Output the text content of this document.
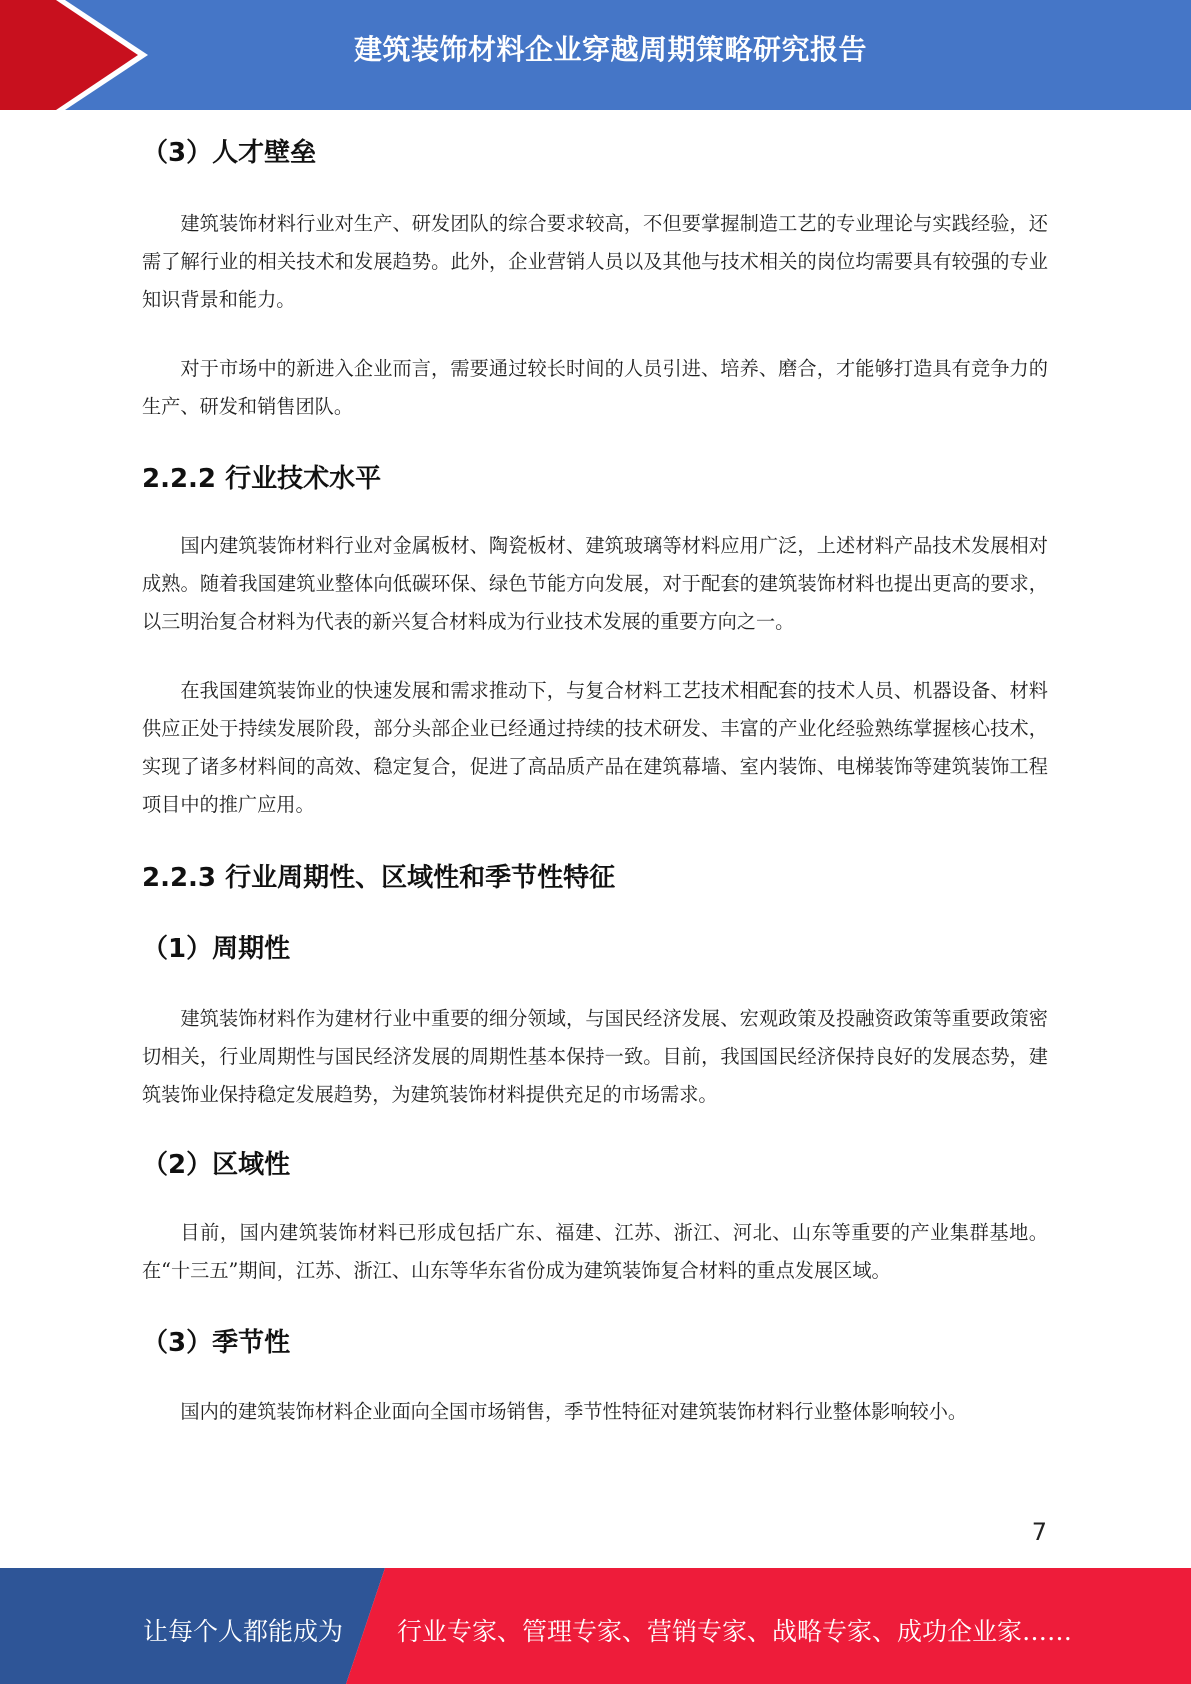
建筑装饰材料企业穿越周期策略研究报告
（3）人才壁垒

建筑装饰材料行业对生产、研发团队的综合要求较高，不但要掌握制造工艺的专业理论与实践经验，还需了解行业的相关技术和发展趋势。此外，企业营销人员以及其他与技术相关的岗位均需要具有较强的专业知识背景和能力。

对于市场中的新进入企业而言，需要通过较长时间的人员引进、培养、磨合，才能够打造具有竞争力的生产、研发和销售团队。

2.2.2 行业技术水平

国内建筑装饰材料行业对金属板材、陶瓷板材、建筑玻璃等材料应用广泛，上述材料产品技术发展相对成熟。随着我国建筑业整体向低碳环保、绿色节能方向发展，对于配套的建筑装饰材料也提出更高的要求，以三明治复合材料为代表的新兴复合材料成为行业技术发展的重要方向之一。

在我国建筑装饰业的快速发展和需求推动下，与复合材料工艺技术相配套的技术人员、机器设备、材料供应正处于持续发展阶段，部分头部企业已经通过持续的技术研发、丰富的产业化经验熟练掌握核心技术，实现了诸多材料间的高效、稳定复合，促进了高品质产品在建筑幕墙、室内装饰、电梯装饰等建筑装饰工程项目中的推广应用。

2.2.3 行业周期性、区域性和季节性特征
（1）周期性

建筑装饰材料作为建材行业中重要的细分领域，与国民经济发展、宏观政策及投融资政策等重要政策密切相关，行业周期性与国民经济发展的周期性基本保持一致。目前，我国国民经济保持良好的发展态势，建筑装饰业保持稳定发展趋势，为建筑装饰材料提供充足的市场需求。

（2）区域性

目前，国内建筑装饰材料已形成包括广东、福建、江苏、浙江、河北、山东等重要的产业集群基地。在“十三五”期间，江苏、浙江、山东等华东省份成为建筑装饰复合材料的重点发展区域。

（3）季节性

国内的建筑装饰材料企业面向全国市场销售，季节性特征对建筑装饰材料行业整体影响较小。

7
让每个人都能成为 行业专家、管理专家、营销专家、战略专家、成功企业家……
